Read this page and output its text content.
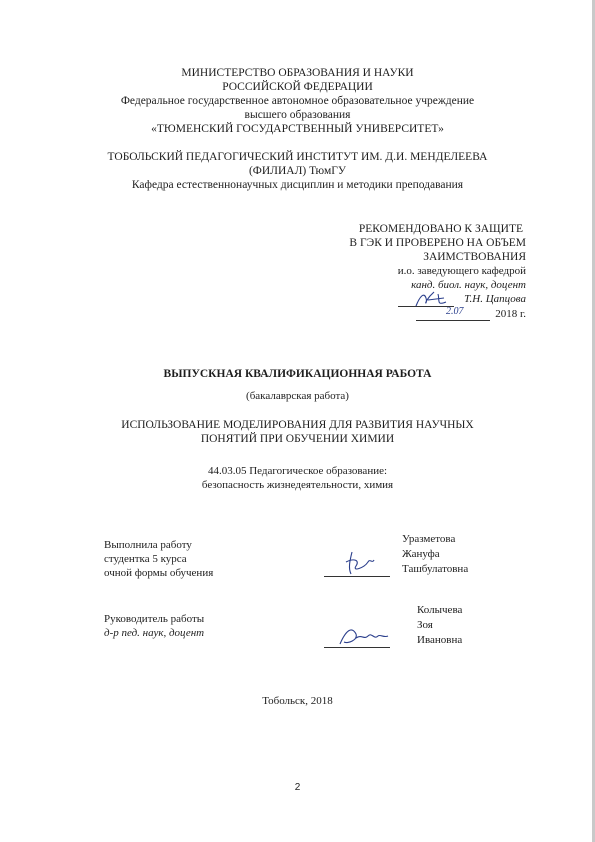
МИНИСТЕРСТВО ОБРАЗОВАНИЯ И НАУКИ
РОССИЙСКОЙ ФЕДЕРАЦИИ
Федеральное государственное автономное образовательное учреждение
высшего образования
«ТЮМЕНСКИЙ ГОСУДАРСТВЕННЫЙ УНИВЕРСИТЕТ»
ТОБОЛЬСКИЙ ПЕДАГОГИЧЕСКИЙ ИНСТИТУТ ИМ. Д.И. МЕНДЕЛЕЕВА
(ФИЛИАЛ) ТюмГУ
Кафедра естественнонаучных дисциплин и методики преподавания
РЕКОМЕНДОВАНО К ЗАЩИТЕ
В ГЭК И ПРОВЕРЕНО НА ОБЪЕМ
ЗАИМСТВОВАНИЯ
и.о. заведующего кафедрой
канд. биол. наук, доцент
Т.Н. Цапцова
2.07	2018 г.
ВЫПУСКНАЯ КВАЛИФИКАЦИОННАЯ РАБОТА
(бакалаврская работа)
ИСПОЛЬЗОВАНИЕ МОДЕЛИРОВАНИЯ ДЛЯ РАЗВИТИЯ НАУЧНЫХ
ПОНЯТИЙ ПРИ ОБУЧЕНИИ ХИМИИ
44.03.05 Педагогическое образование:
безопасность жизнедеятельности, химия
Выполнила работу
студентка 5 курса
очной формы обучения
Уразметова
Жануфа
Ташбулатовна
Руководитель работы
д-р пед. наук, доцент
Колычева
Зоя
Ивановна
Тобольск, 2018
2
